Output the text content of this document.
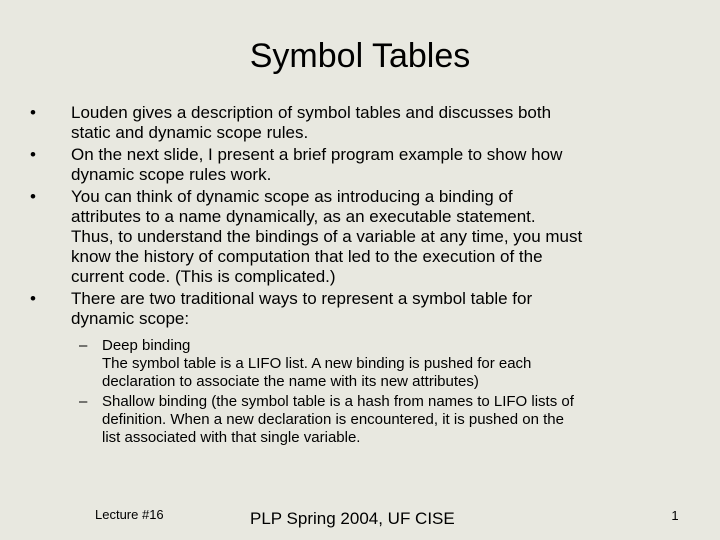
Symbol Tables
• Louden gives a description of symbol tables and discusses both
static and dynamic scope rules.
• On the next slide, I present a brief program example to show how
dynamic scope rules work.
• You can think of dynamic scope as introducing a binding of
attributes to a name dynamically, as an executable statement.
Thus, to understand the bindings of a variable at any time, you must
know the history of computation that led to the execution of the
current code. (This is complicated.)
• There are two traditional ways to represent a symbol table for
dynamic scope:
– Deep binding
The symbol table is a LIFO list. A new binding is pushed for each
declaration to associate the name with its new attributes)
– Shallow binding (the symbol table is a hash from names to LIFO lists of
definition. When a new declaration is encountered, it is pushed on the
list associated with that single variable.
Lecture #16	PLP Spring 2004, UF CISE	1
